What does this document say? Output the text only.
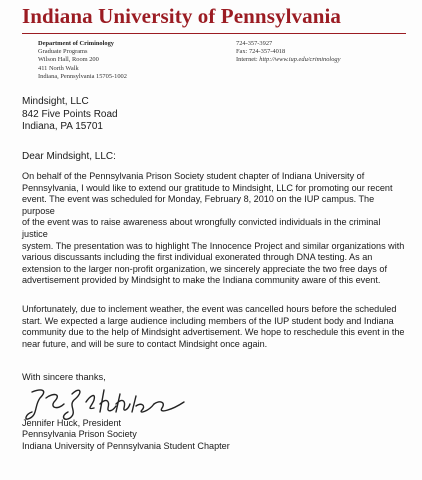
Indiana University of Pennsylvania
Department of Criminology
Graduate Programs
Wilson Hall, Room 200
411 North Walk
Indiana, Pennsylvania 15705-1002
724-357-3927
Fax: 724-357-4018
Internet: http://www.iup.edu/criminology
Mindsight, LLC
842 Five Points Road
Indiana, PA 15701
Dear Mindsight, LLC:
On behalf of the Pennsylvania Prison Society student chapter of Indiana University of
Pennsylvania, I would like to extend our gratitude to Mindsight, LLC for promoting our recent
event. The event was scheduled for Monday, February 8, 2010 on the IUP campus. The purpose
of the event was to raise awareness about wrongfully convicted individuals in the criminal justice
system. The presentation was to highlight The Innocence Project and similar organizations with
various discussants including the first individual exonerated through DNA testing. As an
extension to the larger non-profit organization, we sincerely appreciate the two free days of
advertisement provided by Mindsight to make the Indiana community aware of this event.
Unfortunately, due to inclement weather, the event was cancelled hours before the scheduled
start. We expected a large audience including members of the IUP student body and Indiana
community due to the help of Mindsight advertisement. We hope to reschedule this event in the
near future, and will be sure to contact Mindsight once again.
With sincere thanks,
Jennifer Huck, President
Pennsylvania Prison Society
Indiana University of Pennsylvania Student Chapter
